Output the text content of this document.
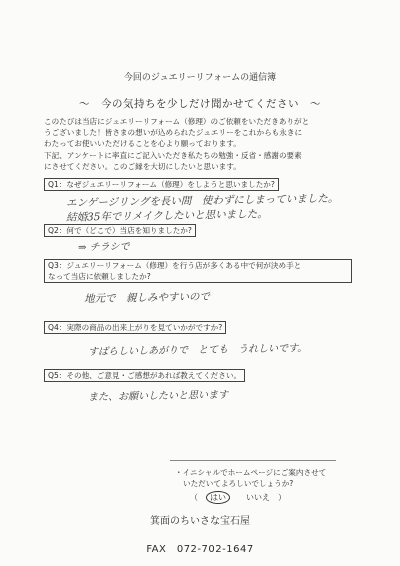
今回のジュエリーリフォームの通信簿
～　今の気持ちを少しだけ聞かせてください　～

このたびは当店にジュエリーリフォーム（修理）のご依頼をいただきありがと

うございました！皆さまの想いが込められたジュエリーをこれからも永きに

わたってお使いいただけることを心より願っております。

下記、アンケートに率直にご記入いただき私たちの勉強・反省・感謝の要素

にさせてください。このご縁を大切にしたいと思います。

Q1：なぜジュエリーリフォーム（修理）をしようと思いましたか?
エンゲージリングを長い間　使わずにしまっていました。
結婚35年でリメイクしたいと思いました。
Q2：何で（どこで）当店を知りましたか?
⇒ チラシで
Q3：ジュエリーリフォーム（修理）を行う店が多くある中で何が決め手と
なって当店に依頼しましたか?
地元で　親しみやすいので
Q4：実際の商品の出来上がりを見ていかがですか?
すばらしいしあがりで　とても　うれしいです。
Q5：その他、ご意見・ご感想があれば教えてください。
また、お願いしたいと思います

・イニシャルでホームページにご案内させて

いただいてよろしいでしょうか?

（　はい　　	いいえ　）
箕面のちいさな宝石屋
FAX　072-702-1647
